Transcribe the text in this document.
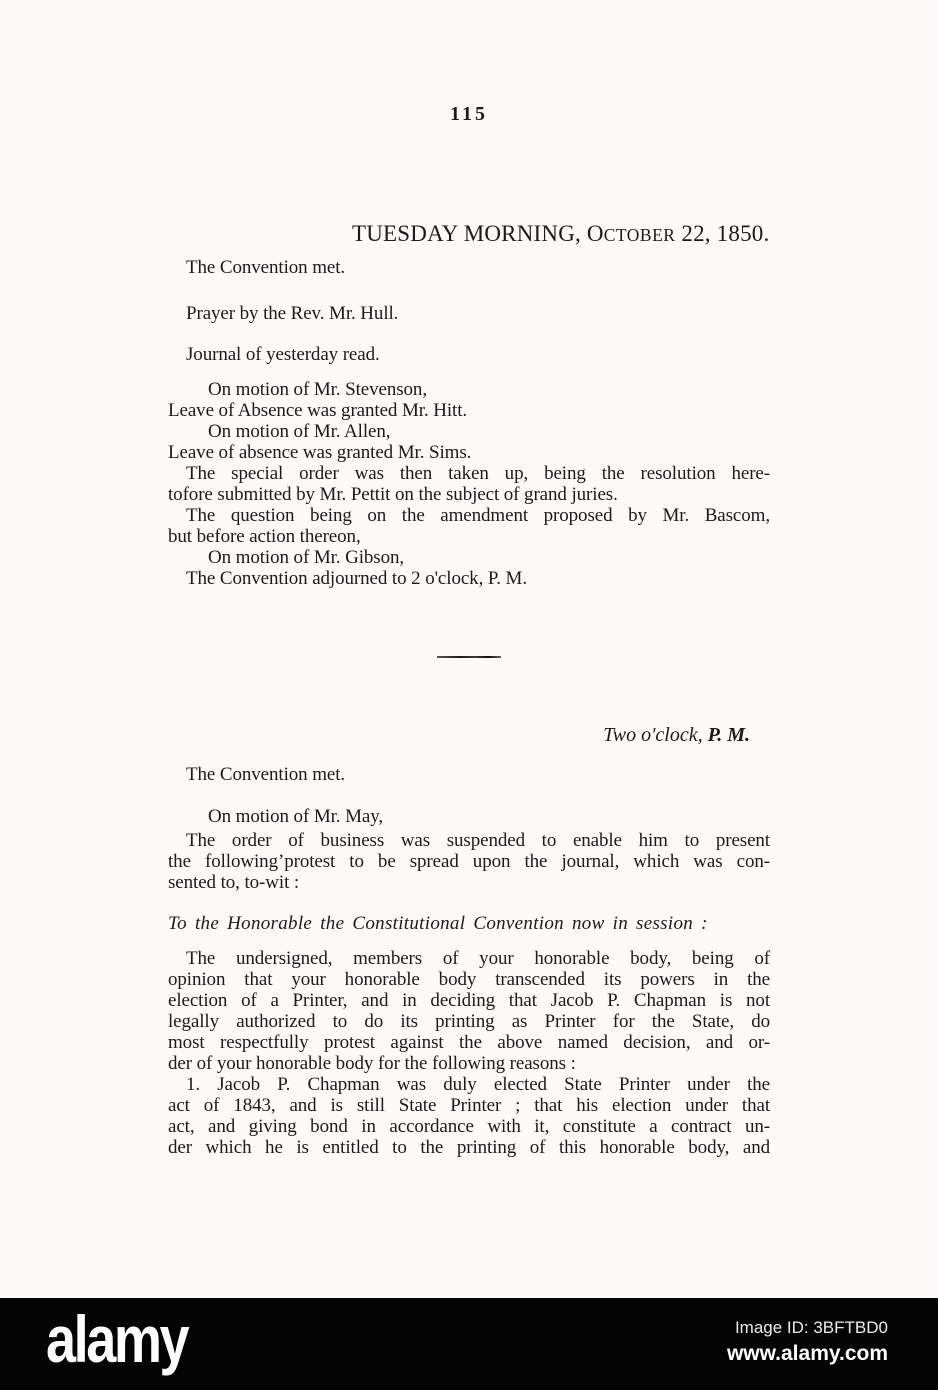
115
TUESDAY MORNING, OCTOBER 22, 1850.
The Convention met.
Prayer by the Rev. Mr. Hull.
Journal of yesterday read.
On motion of Mr. Stevenson,
Leave of Absence was granted Mr. Hitt.
On motion of Mr. Allen,
Leave of absence was granted Mr. Sims.
The special order was then taken up, being the resolution here-
tofore submitted by Mr. Pettit on the subject of grand juries.
The question being on the amendment proposed by Mr. Bascom,
but before action thereon,
On motion of Mr. Gibson,
The Convention adjourned to 2 o'clock, P. M.
Two o'clock, P. M.
The Convention met.
On motion of Mr. May,
The order of business was suspended to enable him to present
the following’protest to be spread upon the journal, which was con-
sented to, to-wit :
To the Honorable the Constitutional Convention now in session :
The undersigned, members of your honorable body, being of
opinion that your honorable body transcended its powers in the
election of a Printer, and in deciding that Jacob P. Chapman is not
legally authorized to do its printing as Printer for the State, do
most respectfully protest against the above named decision, and or-
der of your honorable body for the following reasons :
1. Jacob P. Chapman was duly elected State Printer under the
act of 1843, and is still State Printer ; that his election under that
act, and giving bond in accordance with it, constitute a contract un-
der which he is entitled to the printing of this honorable body, and
alamy	Image ID: 3BFTBD0
www.alamy.com
